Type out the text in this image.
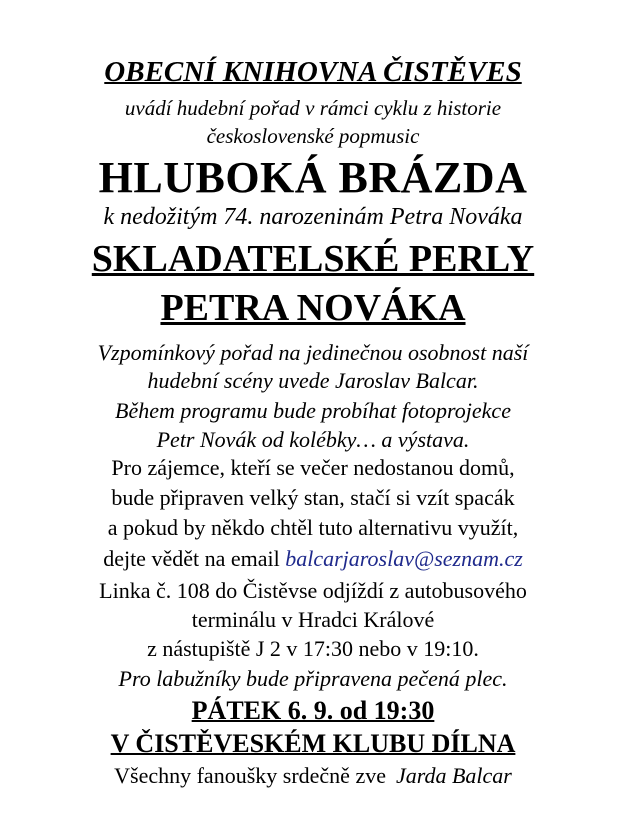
OBECNÍ KNIHOVNA ČISTĚVES
uvádí hudební pořad v rámci cyklu z historie
československé popmusic
HLUBOKÁ BRÁZDA
k nedožitým 74. narozeninám Petra Nováka
SKLADATELSKÉ PERLY
PETRA NOVÁKA
Vzpomínkový pořad na jedinečnou osobnost naší
hudební scény uvede Jaroslav Balcar.
Během programu bude probíhat fotoprojekce
Petr Novák od kolébky… a výstava.
Pro zájemce, kteří se večer nedostanou domů,
bude připraven velký stan, stačí si vzít spacák
a pokud by někdo chtěl tuto alternativu využít,
dejte vědět na email balcarjaroslav@seznam.cz
Linka č. 108 do Čistěvse odjíždí z autobusového
terminálu v Hradci Králové
z nástupiště J 2 v 17:30 nebo v 19:10.
Pro labužníky bude připravena pečená plec.
PÁTEK 6. 9. od 19:30
V ČISTĚVESKÉM KLUBU DÍLNA
Všechny fanoušky srdečně zve Jarda Balcar
